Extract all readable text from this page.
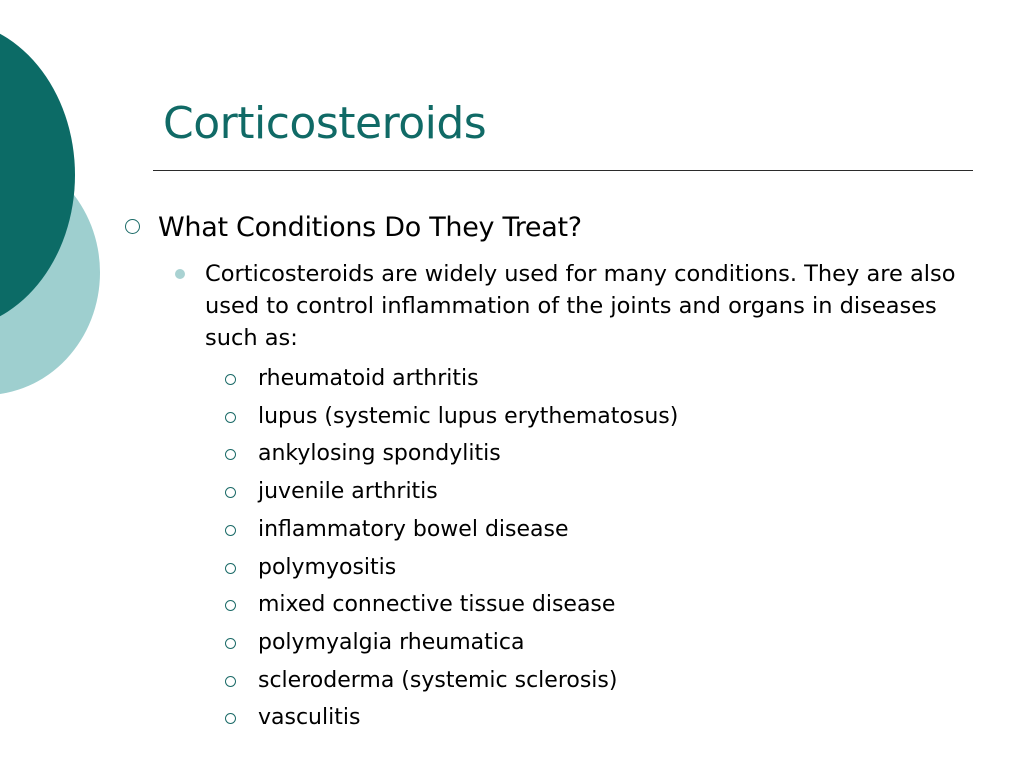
Corticosteroids
What Conditions Do They Treat?
Corticosteroids are widely used for many conditions. They are also used to control inflammation of the joints and organs in diseases such as:
rheumatoid arthritis
lupus (systemic lupus erythematosus)
ankylosing spondylitis
juvenile arthritis
inflammatory bowel disease
polymyositis
mixed connective tissue disease
polymyalgia rheumatica
scleroderma (systemic sclerosis)
vasculitis
